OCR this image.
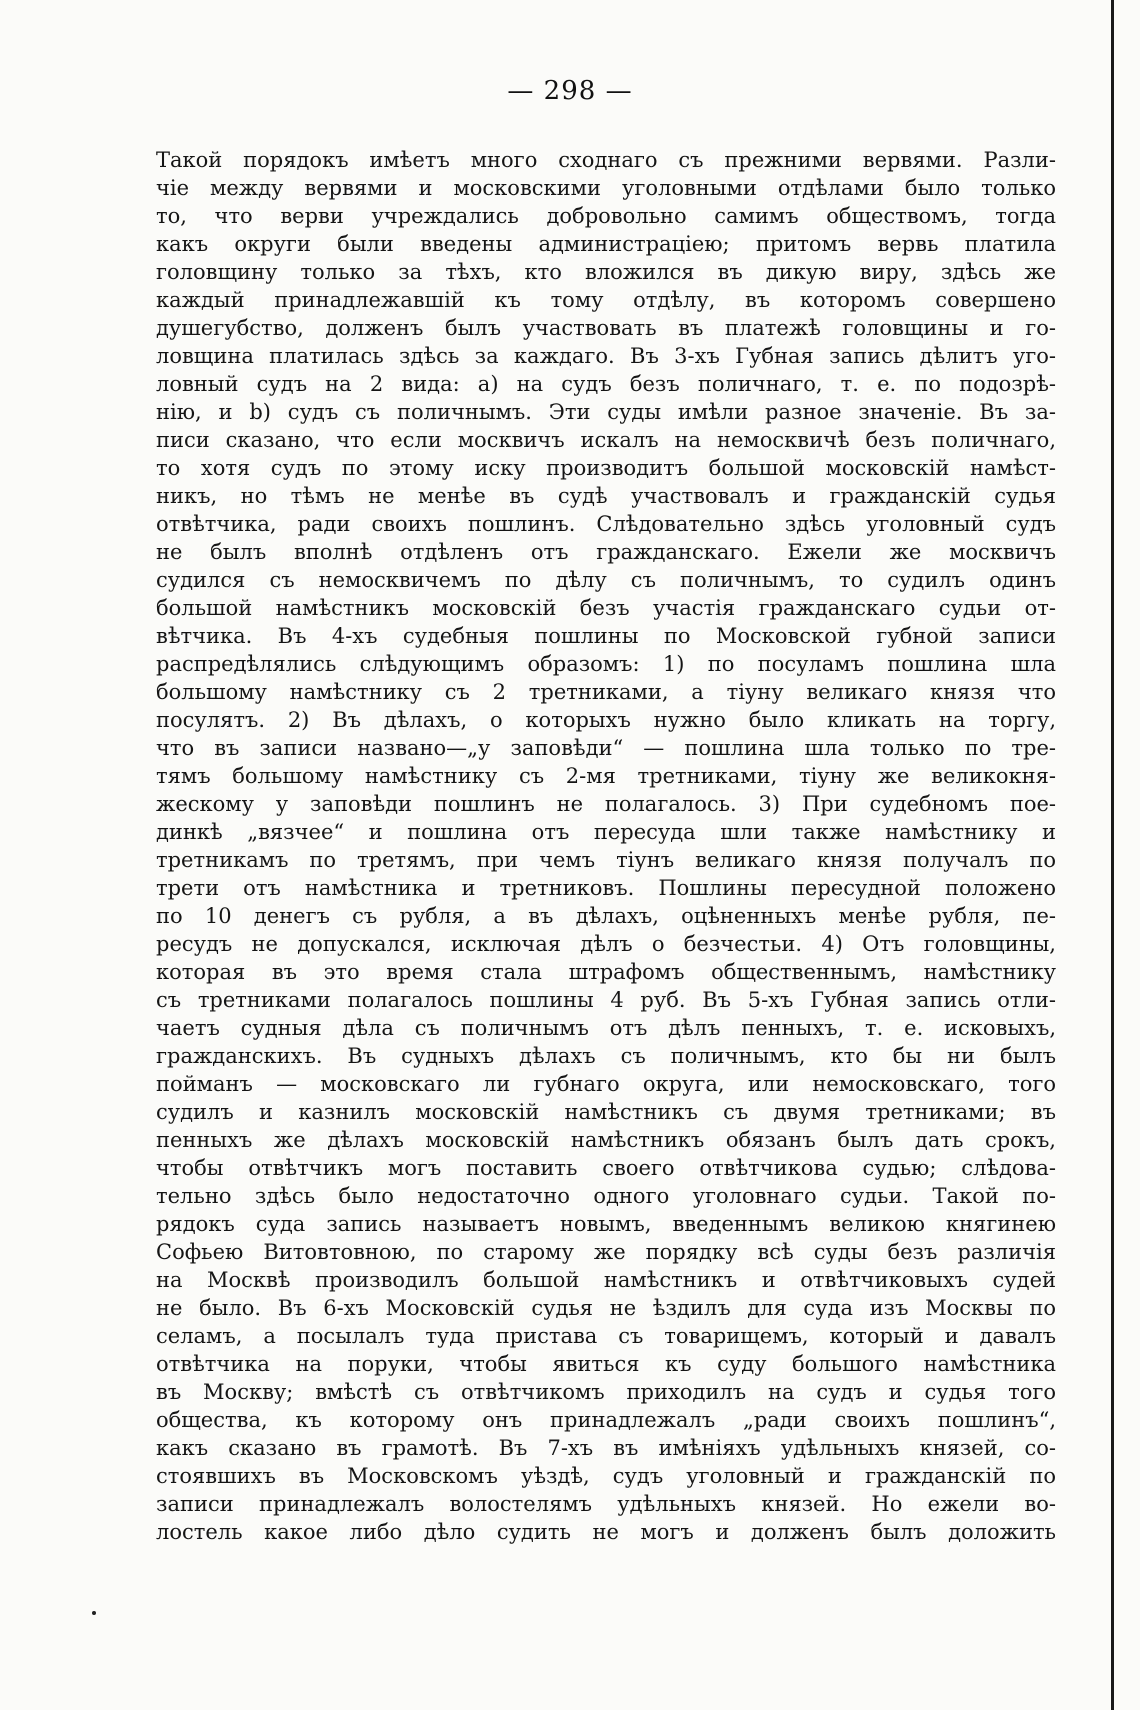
— 298 —
Такой порядокъ имѣетъ много сходнаго съ прежними вервями. Разли-
чіе между вервями и московскими уголовными отдѣлами было только
то, что верви учреждались добровольно самимъ обществомъ, тогда
какъ округи были введены администраціею; притомъ вервь платила
головщину только за тѣхъ, кто вложился въ дикую виру, здѣсь же
каждый принадлежавшій къ тому отдѣлу, въ которомъ совершено
душегубство, долженъ былъ участвовать въ платежѣ головщины и го-
ловщина платилась здѣсь за каждаго. Въ 3-хъ Губная запись дѣлитъ уго-
ловный судъ на 2 вида: а) на судъ безъ поличнаго, т. е. по подозрѣ-
нію, и b) судъ съ поличнымъ. Эти суды имѣли разное значеніе. Въ за-
писи сказано, что если москвичъ искалъ на немосквичѣ безъ поличнаго,
то хотя судъ по этому иску производитъ большой московскій намѣст-
никъ, но тѣмъ не менѣе въ судѣ участвовалъ и гражданскій судья
отвѣтчика, ради своихъ пошлинъ. Слѣдовательно здѣсь уголовный судъ
не былъ вполнѣ отдѣленъ отъ гражданскаго. Ежели же москвичъ
судился съ немосквичемъ по дѣлу съ поличнымъ, то судилъ одинъ
большой намѣстникъ московскій безъ участія гражданскаго судьи от-
вѣтчика. Въ 4-хъ судебныя пошлины по Московской губной записи
распредѣлялись слѣдующимъ образомъ: 1) по посуламъ пошлина шла
большому намѣстнику съ 2 третниками, а тіуну великаго князя что
посулятъ. 2) Въ дѣлахъ, о которыхъ нужно было кликать на торгу,
что въ записи названо—„у заповѣди“ — пошлина шла только по тре-
тямъ большому намѣстнику съ 2-мя третниками, тіуну же великокня-
жескому у заповѣди пошлинъ не полагалось. 3) При судебномъ пое-
динкѣ „вязчее“ и пошлина отъ пересуда шли также намѣстнику и
третникамъ по третямъ, при чемъ тіунъ великаго князя получалъ по
трети отъ намѣстника и третниковъ. Пошлины пересудной положено
по 10 денегъ съ рубля, а въ дѣлахъ, оцѣненныхъ менѣе рубля, пе-
ресудъ не допускался, исключая дѣлъ о безчестьи. 4) Отъ головщины,
которая въ это время стала штрафомъ общественнымъ, намѣстнику
съ третниками полагалось пошлины 4 руб. Въ 5-хъ Губная запись отли-
чаетъ судныя дѣла съ поличнымъ отъ дѣлъ пенныхъ, т. е. исковыхъ,
гражданскихъ. Въ судныхъ дѣлахъ съ поличнымъ, кто бы ни былъ
пойманъ — московскаго ли губнаго округа, или немосковскаго, того
судилъ и казнилъ московскій намѣстникъ съ двумя третниками; въ
пенныхъ же дѣлахъ московскій намѣстникъ обязанъ былъ дать срокъ,
чтобы отвѣтчикъ могъ поставить своего отвѣтчикова судью; слѣдова-
тельно здѣсь было недостаточно одного уголовнаго судьи. Такой по-
рядокъ суда запись называетъ новымъ, введеннымъ великою княгинею
Софьею Витовтовною, по старому же порядку всѣ суды безъ различія
на Москвѣ производилъ большой намѣстникъ и отвѣтчиковыхъ судей
не было. Въ 6-хъ Московскій судья не ѣздилъ для суда изъ Москвы по
селамъ, а посылалъ туда пристава съ товарищемъ, который и давалъ
отвѣтчика на поруки, чтобы явиться къ суду большого намѣстника
въ Москву; вмѣстѣ съ отвѣтчикомъ приходилъ на судъ и судья того
общества, къ которому онъ принадлежалъ „ради своихъ пошлинъ“,
какъ сказано въ грамотѣ. Въ 7-хъ въ имѣніяхъ удѣльныхъ князей, со-
стоявшихъ въ Московскомъ уѣздѣ, судъ уголовный и гражданскій по
записи принадлежалъ волостелямъ удѣльныхъ князей. Но ежели во-
лостель какое либо дѣло судить не могъ и долженъ былъ доложить
